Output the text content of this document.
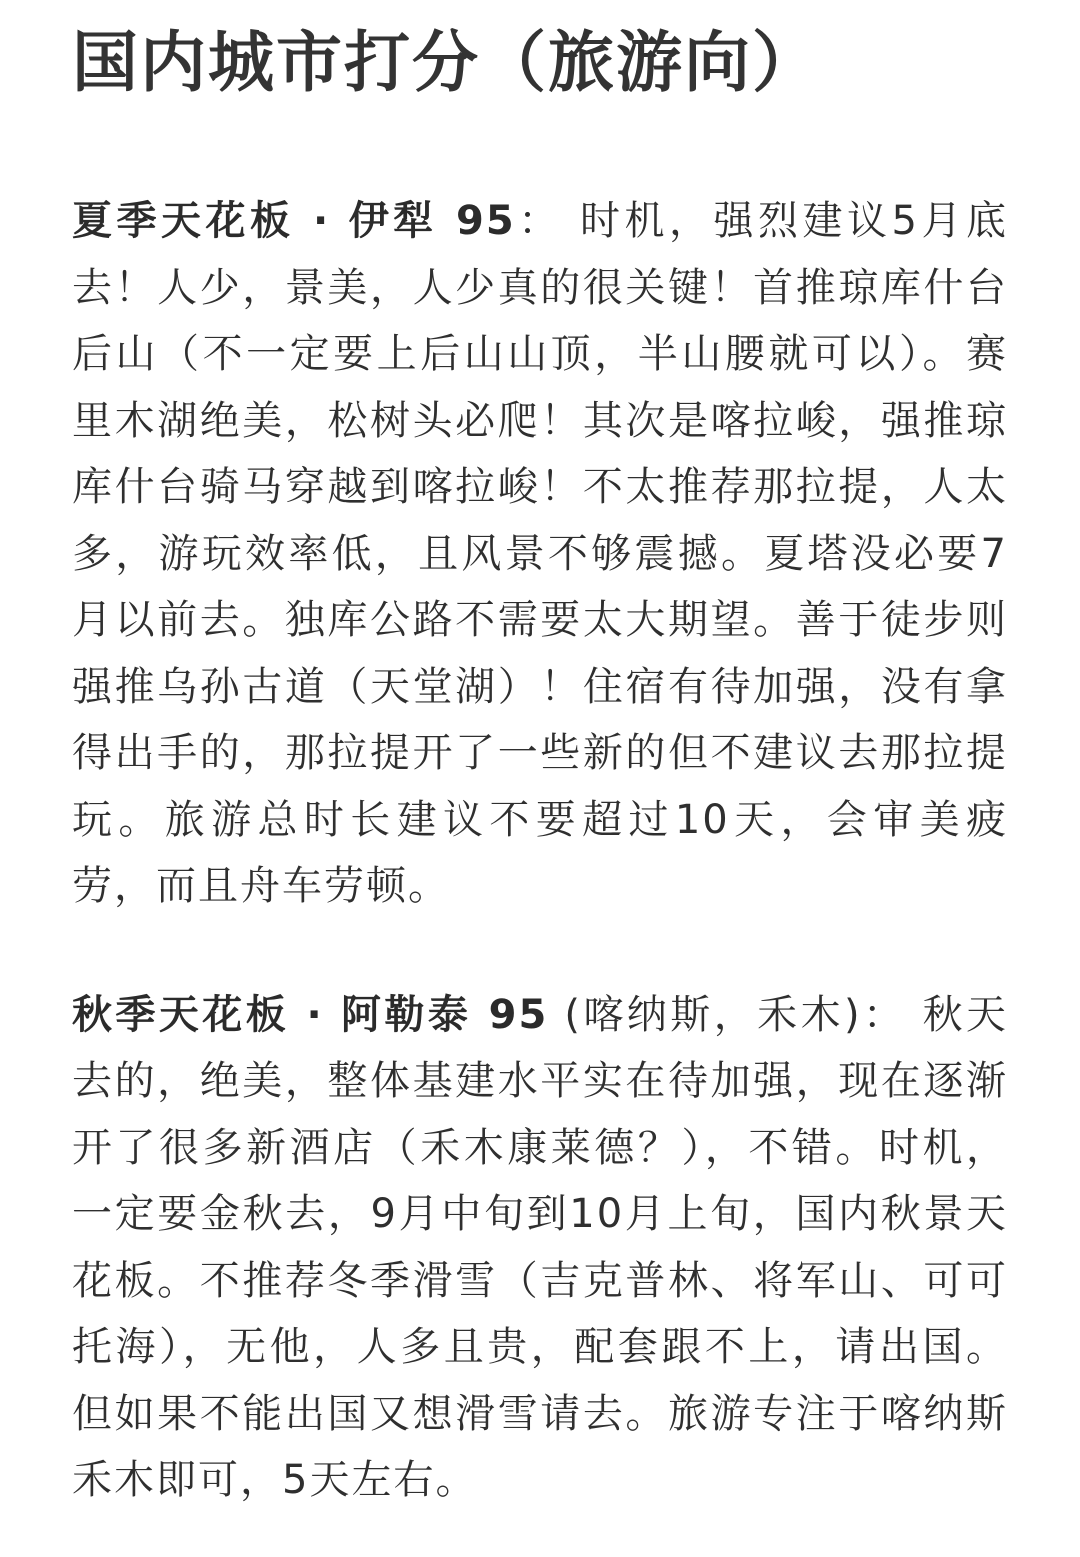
国内城市打分（旅游向）

夏季天花板 · 伊犁 95： 时机，强烈建议5月底去！人少，景美，人少真的很关键！首推琼库什台后山（不一定要上后山山顶，半山腰就可以）。赛里木湖绝美，松树头必爬！其次是喀拉峻，强推琼库什台骑马穿越到喀拉峻！不太推荐那拉提，人太多，游玩效率低，且风景不够震撼。夏塔没必要7月以前去。独库公路不需要太大期望。善于徒步则强推乌孙古道（天堂湖）！住宿有待加强，没有拿得出手的，那拉提开了一些新的但不建议去那拉提玩。旅游总时长建议不要超过10天，会审美疲劳，而且舟车劳顿。

秋季天花板 · 阿勒泰 95 (喀纳斯，禾木)： 秋天去的，绝美，整体基建水平实在待加强，现在逐渐开了很多新酒店（禾木康莱德？），不错。时机，一定要金秋去，9月中旬到10月上旬，国内秋景天花板。不推荐冬季滑雪（吉克普林、将军山、可可托海），无他，人多且贵，配套跟不上，请出国。但如果不能出国又想滑雪请去。旅游专注于喀纳斯禾木即可，5天左右。
